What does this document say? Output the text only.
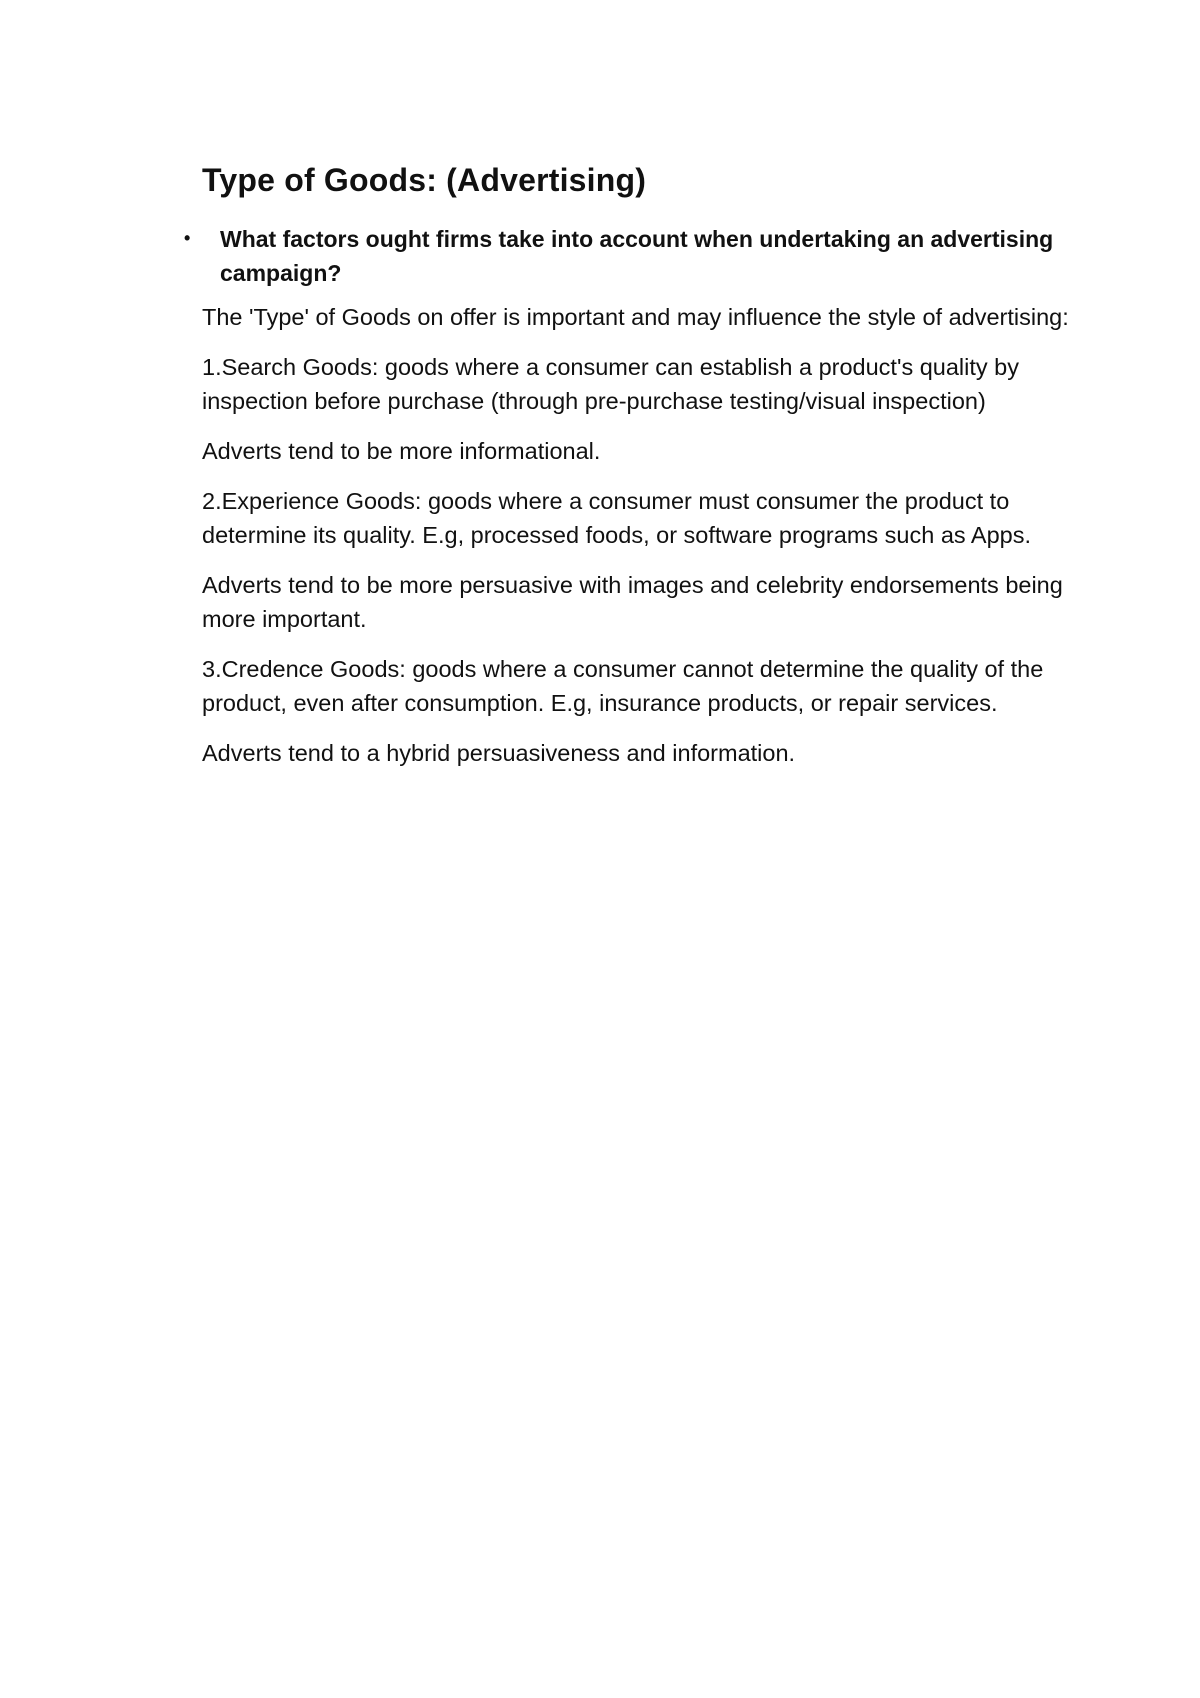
Type of Goods: (Advertising)
• What factors ought firms take into account when undertaking an advertising campaign?

The 'Type' of Goods on offer is important and may influence the style of advertising:

1.Search Goods: goods where a consumer can establish a product's quality by inspection before purchase (through pre-purchase testing/visual inspection)

Adverts tend to be more informational.

2.Experience Goods: goods where a consumer must consumer the product to determine its quality. E.g, processed foods, or software programs such as Apps.

Adverts tend to be more persuasive with images and celebrity endorsements being more important.

3.Credence Goods: goods where a consumer cannot determine the quality of the product, even after consumption. E.g, insurance products, or repair services.

Adverts tend to a hybrid persuasiveness and information.
